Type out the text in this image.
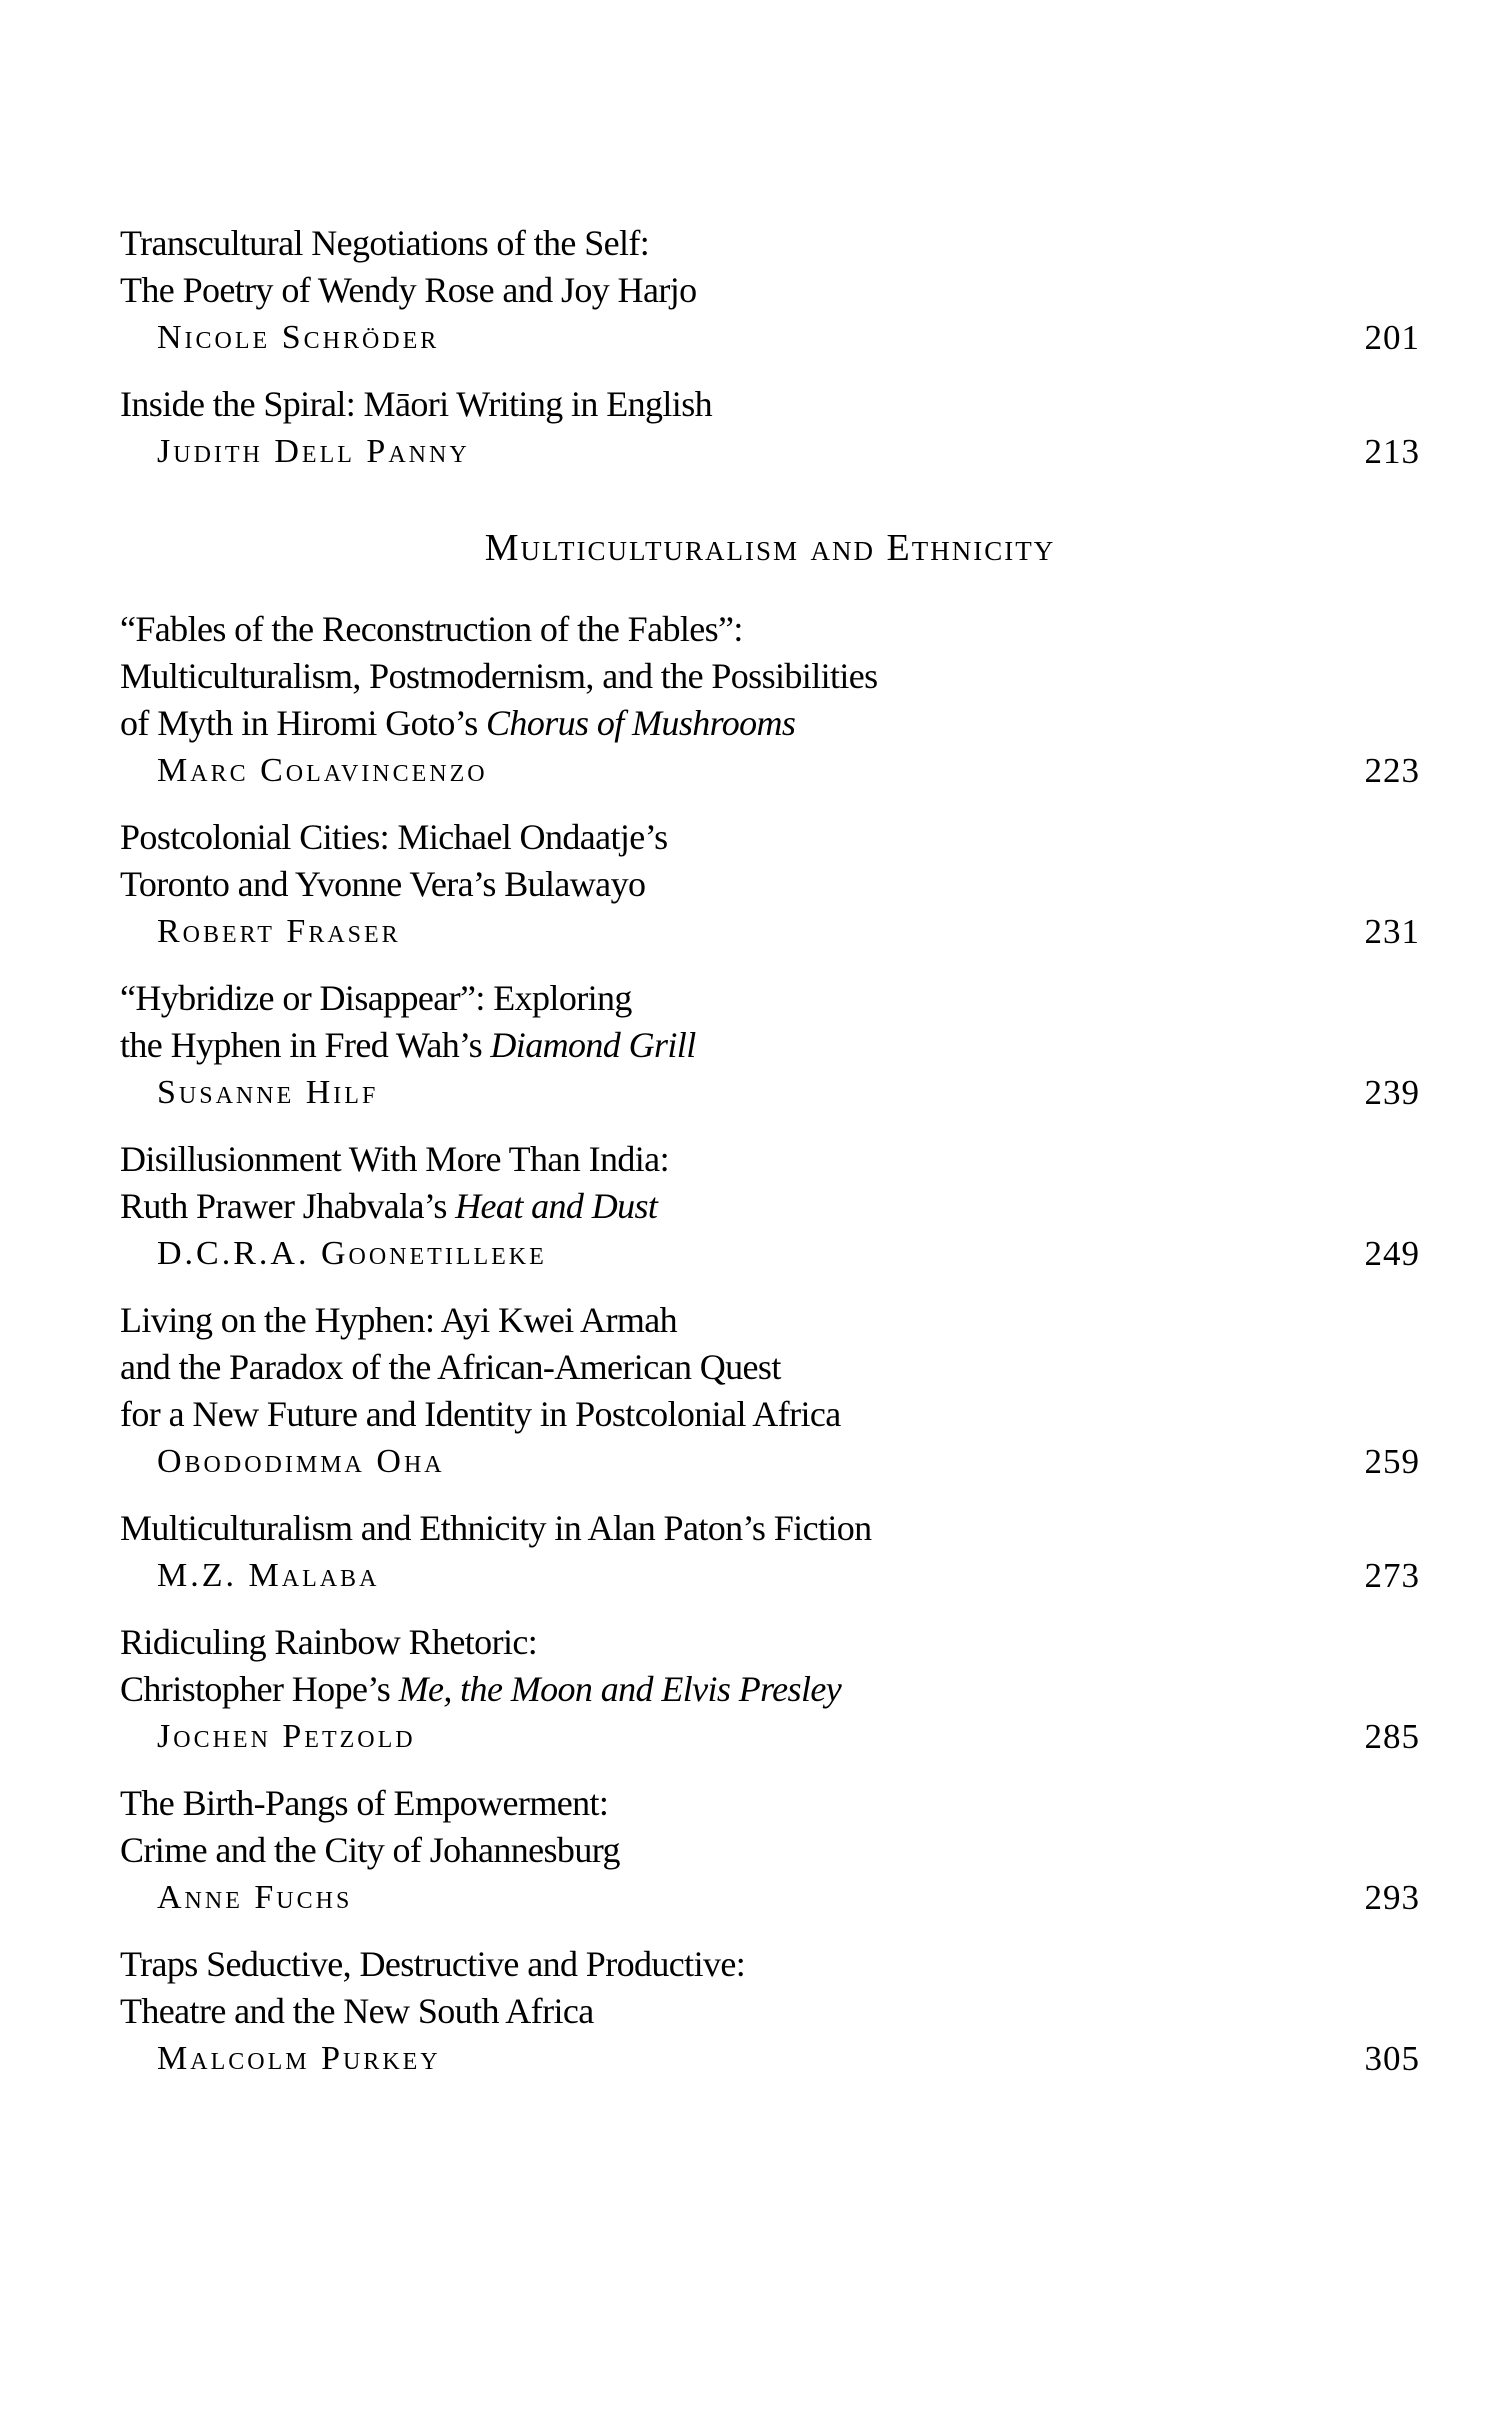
Transcultural Negotiations of the Self:
The Poetry of Wendy Rose and Joy Harjo
Nicole Schröder	201
Inside the Spiral: Māori Writing in English
Judith Dell Panny	213
Multiculturalism and Ethnicity
“Fables of the Reconstruction of the Fables”:
Multiculturalism, Postmodernism, and the Possibilities
of Myth in Hiromi Goto’s Chorus of Mushrooms
Marc Colavincenzo	223
Postcolonial Cities: Michael Ondaatje’s
Toronto and Yvonne Vera’s Bulawayo
Robert Fraser	231
“Hybridize or Disappear”: Exploring
the Hyphen in Fred Wah’s Diamond Grill
Susanne Hilf	239
Disillusionment With More Than India:
Ruth Prawer Jhabvala’s Heat and Dust
D.C.R.A. Goonetilleke	249
Living on the Hyphen: Ayi Kwei Armah
and the Paradox of the African-American Quest
for a New Future and Identity in Postcolonial Africa
Obododimma Oha	259
Multiculturalism and Ethnicity in Alan Paton’s Fiction
M.Z. Malaba	273
Ridiculing Rainbow Rhetoric:
Christopher Hope’s Me, the Moon and Elvis Presley
Jochen Petzold	285
The Birth-Pangs of Empowerment:
Crime and the City of Johannesburg
Anne Fuchs	293
Traps Seductive, Destructive and Productive:
Theatre and the New South Africa
Malcolm Purkey	305
